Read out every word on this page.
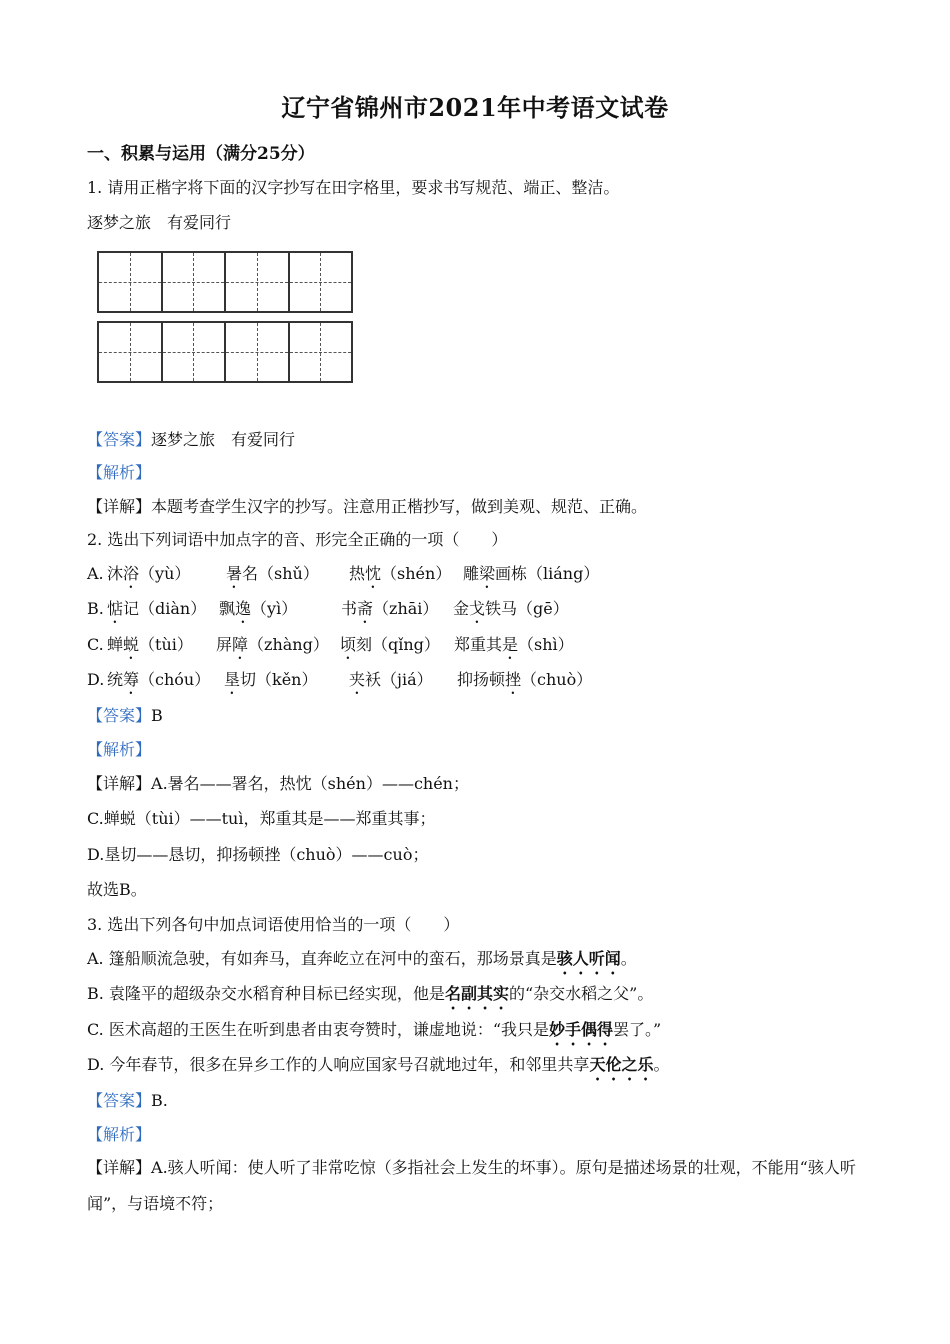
辽宁省锦州市2021年中考语文试卷
一、积累与运用（满分25分）
1. 请用正楷字将下面的汉字抄写在田字格里，要求书写规范、端正、整洁。
逐梦之旅　有爱同行
【答案】逐梦之旅　有爱同行
【解析】
【详解】本题考查学生汉字的抄写。注意用正楷抄写，做到美观、规范、正确。
2. 选出下列词语中加点字的音、形完全正确的一项（　　）
A. 沐浴（yù） 暑名（shǔ） 热忱（shén） 雕梁画栋（liáng）
B. 惦记（diàn） 飘逸（yì）	书斋（zhāi） 金戈铁马（gē）
C. 蝉蜕（tùi） 屏障（zhàng） 顷刻（qǐng） 郑重其是（shì）
D. 统筹（chóu） 垦切（kěn） 夹袄（jiá） 抑扬顿挫（chuò）
【答案】B
【解析】
【详解】A.暑名——署名，热忱（shén）——chén；
C.蝉蜕（tùi）——tuì，郑重其是——郑重其事；
D.垦切——恳切，抑扬顿挫（chuò）——cuò；
故选B。
3. 选出下列各句中加点词语使用恰当的一项（　　）
A. 篷船顺流急驶，有如奔马，直奔屹立在河中的蛮石，那场景真是骇人听闻。
B. 袁隆平的超级杂交水稻育种目标已经实现，他是名副其实的“杂交水稻之父”。
C. 医术高超的王医生在听到患者由衷夸赞时，谦虚地说：“我只是妙手偶得罢了。”
D. 今年春节，很多在异乡工作的人响应国家号召就地过年，和邻里共享天伦之乐。
【答案】B.
【解析】
【详解】A.骇人听闻：使人听了非常吃惊（多指社会上发生的坏事）。原句是描述场景的壮观，不能用“骇人听闻”，与语境不符；
